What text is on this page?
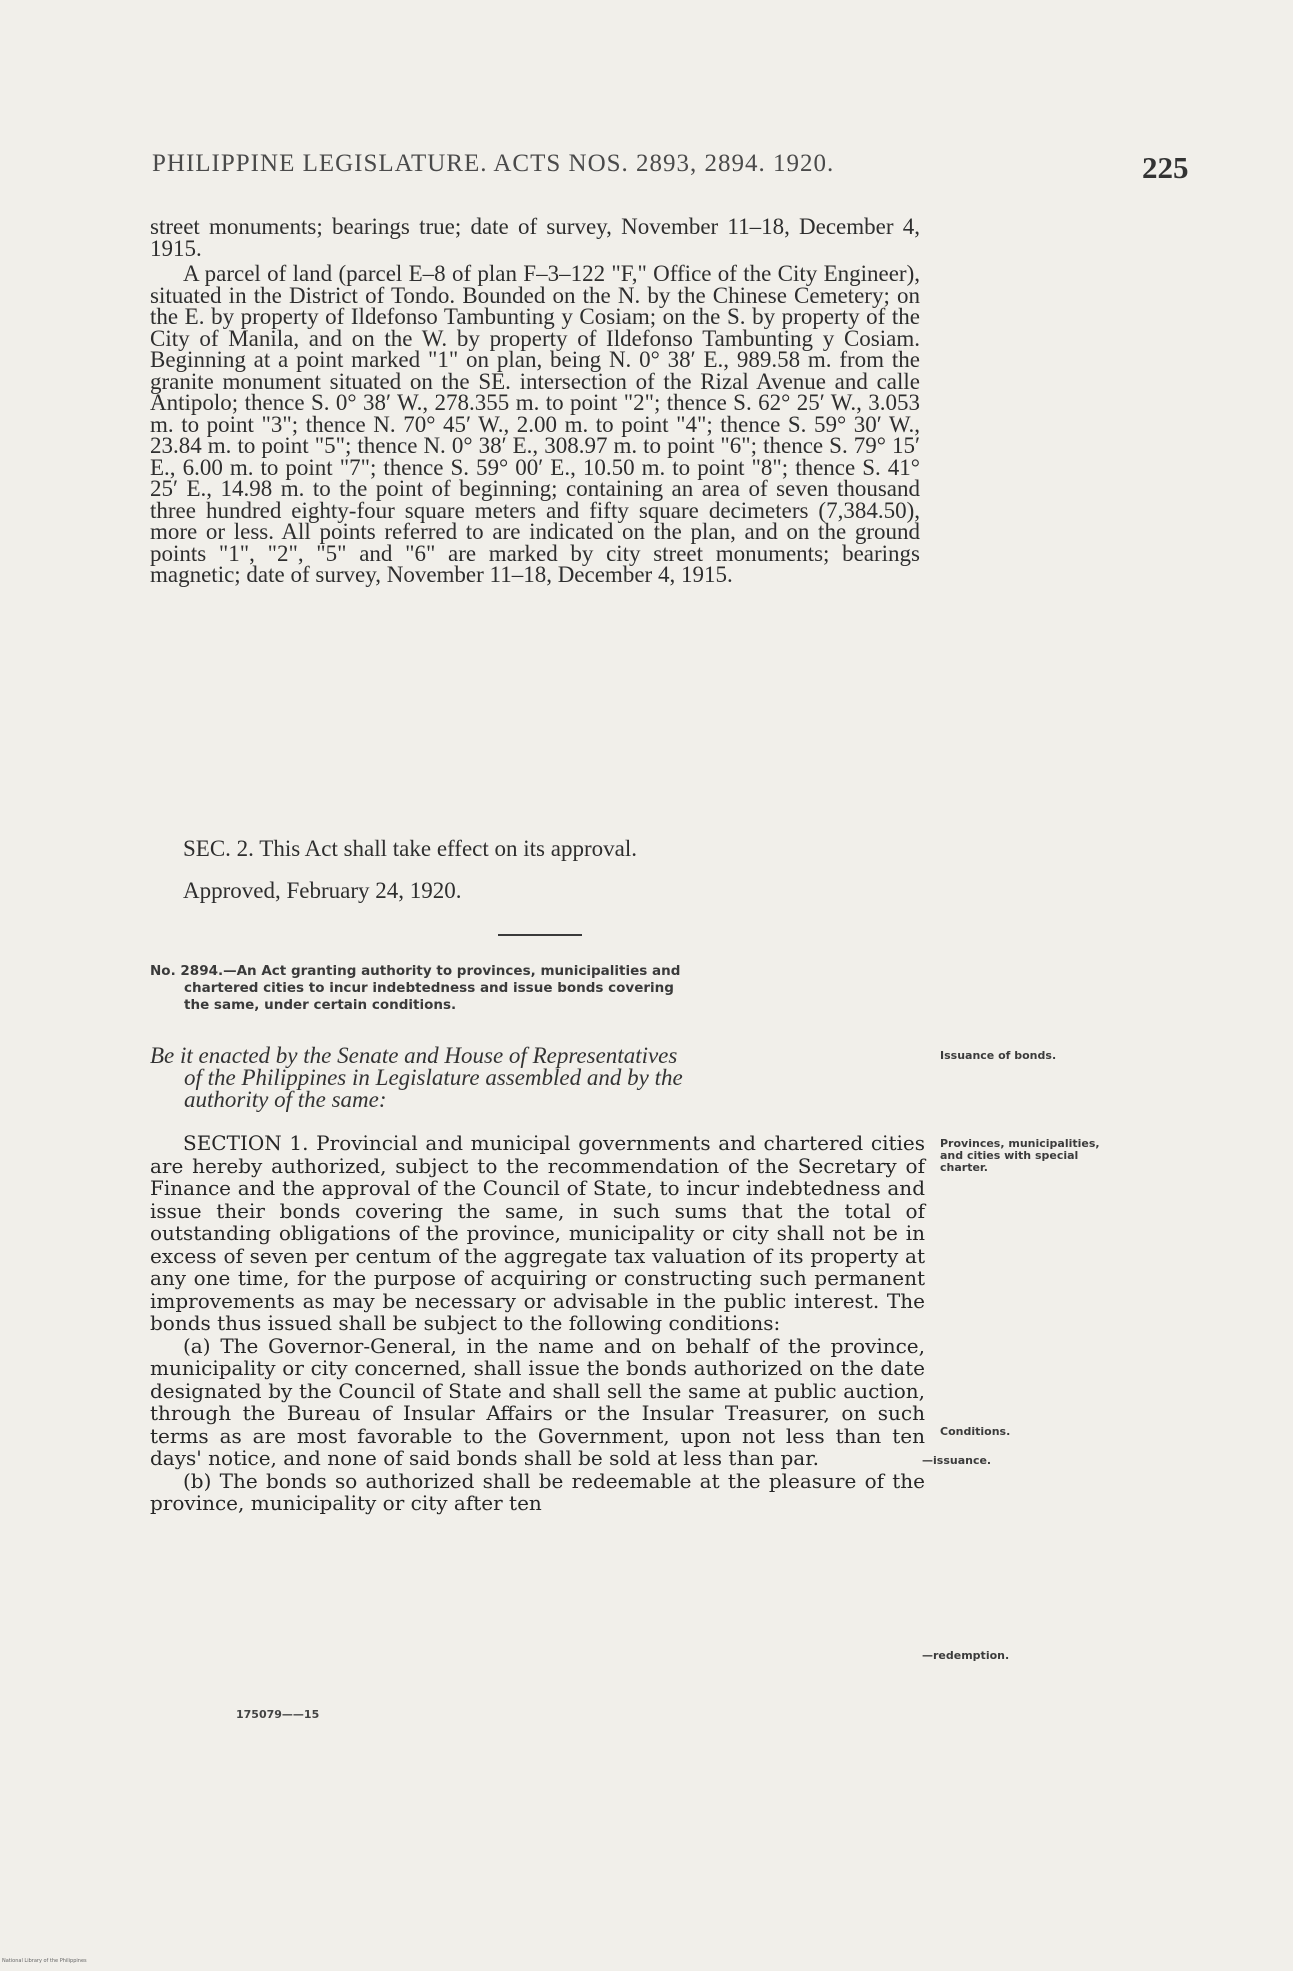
PHILIPPINE LEGISLATURE. ACTS NOS. 2893, 2894. 1920.	225

street monuments; bearings true; date of survey, November 11–18, December 4, 1915.

A parcel of land (parcel E–8 of plan F–3–122 "F," Office of the City Engineer), situated in the District of Tondo. Bounded on the N. by the Chinese Cemetery; on the E. by property of Ildefonso Tambunting y Cosiam; on the S. by property of the City of Manila, and on the W. by property of Ildefonso Tambunting y Cosiam. Beginning at a point marked "1" on plan, being N. 0° 38′ E., 989.58 m. from the granite monument situated on the SE. intersection of the Rizal Avenue and calle Antipolo; thence S. 0° 38′ W., 278.355 m. to point "2"; thence S. 62° 25′ W., 3.053 m. to point "3"; thence N. 70° 45′ W., 2.00 m. to point "4"; thence S. 59° 30′ W., 23.84 m. to point "5"; thence N. 0° 38′ E., 308.97 m. to point "6"; thence S. 79° 15′ E., 6.00 m. to point "7"; thence S. 59° 00′ E., 10.50 m. to point "8"; thence S. 41° 25′ E., 14.98 m. to the point of beginning; containing an area of seven thousand three hundred eighty-four square meters and fifty square decimeters (7,384.50), more or less. All points referred to are indicated on the plan, and on the ground points "1", "2", "5" and "6" are marked by city street monuments; bearings magnetic; date of survey, November 11–18, December 4, 1915.

SEC. 2. This Act shall take effect on its approval.

Approved, February 24, 1920.

No. 2894.—An Act granting authority to provinces, municipalities and
chartered cities to incur indebtedness and issue bonds covering
the same, under certain conditions.
Be it enacted by the Senate and House of Representatives
of the Philippines in Legislature assembled and by the
authority of the same:

SECTION 1. Provincial and municipal governments and chartered cities are hereby authorized, subject to the recommendation of the Secretary of Finance and the approval of the Council of State, to incur indebtedness and issue their bonds covering the same, in such sums that the total of outstanding obligations of the province, municipality or city shall not be in excess of seven per centum of the aggregate tax valuation of its property at any one time, for the purpose of acquiring or constructing such permanent improvements as may be necessary or advisable in the public interest. The bonds thus issued shall be subject to the following conditions:

(a) The Governor-General, in the name and on behalf of the province, municipality or city concerned, shall issue the bonds authorized on the date designated by the Council of State and shall sell the same at public auction, through the Bureau of Insular Affairs or the Insular Treasurer, on such terms as are most favorable to the Government, upon not less than ten days' notice, and none of said bonds shall be sold at less than par.

(b) The bonds so authorized shall be redeemable at the pleasure of the province, municipality or city after ten

Issuance of bonds.
Provinces, municipalities, and cities with special charter.
Conditions.
—issuance.
—redemption.
175079——15
National Library of the Philippines
